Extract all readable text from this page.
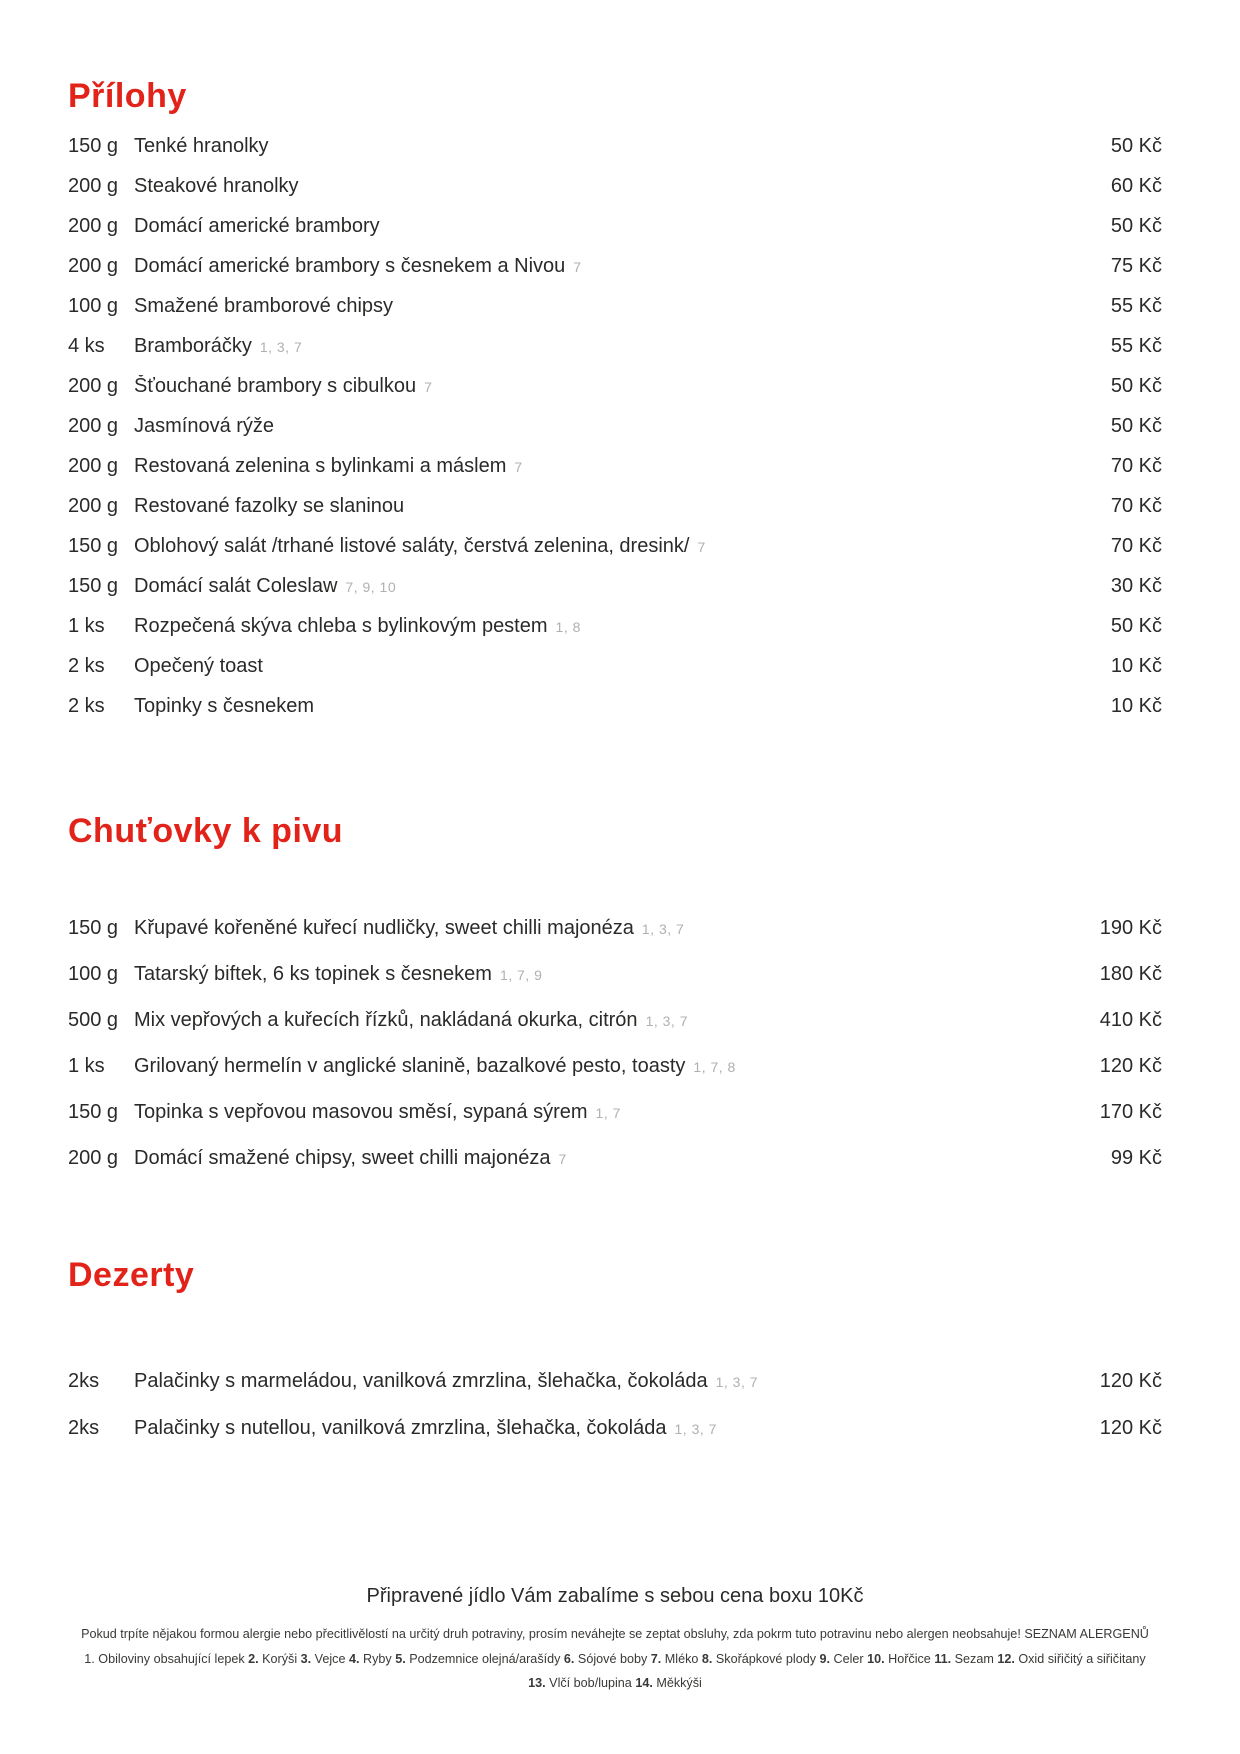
Přílohy
150 g Tenké hranolky	50 Kč
200 g Steakové hranolky	60 Kč
200 g Domácí americké brambory	50 Kč
200 g Domácí americké brambory s česnekem a Nivou 7	75 Kč
100 g Smažené bramborové chipsy	55 Kč
4 ks	Bramboráčky 1, 3, 7	55 Kč
200 g Šťouchané brambory s cibulkou 7	50 Kč
200 g Jasmínová rýže	50 Kč
200 g Restovaná zelenina s bylinkami a máslem 7	70 Kč
200 g Restované fazolky se slaninou	70 Kč
150 g Oblohový salát /trhané listové saláty, čerstvá zelenina, dresink/ 7	70 Kč
150 g Domácí salát Coleslaw 7, 9, 10	30 Kč
1 ks	Rozpečená skýva chleba s bylinkovým pestem 1, 8	50 Kč
2 ks	Opečený toast	10 Kč
2 ks	Topinky s česnekem	10 Kč
Chuťovky k pivu
150 g Křupavé kořeněné kuřecí nudličky, sweet chilli majonéza 1, 3, 7	190 Kč
100 g Tatarský biftek, 6 ks topinek s česnekem 1, 7, 9	180 Kč
500 g Mix vepřových a kuřecích řízků, nakládaná okurka, citrón 1, 3, 7	410 Kč
1 ks	Grilovaný hermelín v anglické slanině, bazalkové pesto, toasty 1, 7, 8	120 Kč
150 g Topinka s vepřovou masovou směsí, sypaná sýrem 1, 7	170 Kč
200 g Domácí smažené chipsy, sweet chilli majonéza 7	99 Kč
Dezerty
2ks	Palačinky s marmeládou, vanilková zmrzlina, šlehačka, čokoláda 1, 3, 7	120 Kč
2ks	Palačinky s nutellou, vanilková zmrzlina, šlehačka, čokoláda 1, 3, 7	120 Kč

Připravené jídlo Vám zabalíme s sebou cena boxu 10Kč

Pokud trpíte nějakou formou alergie nebo přecitlivělostí na určitý druh potraviny, prosím neváhejte se zeptat obsluhy, zda pokrm tuto potravinu nebo alergen neobsahuje! SEZNAM ALERGENŮ 1. Obiloviny obsahující lepek 2. Korýši 3. Vejce 4. Ryby 5. Podzemnice olejná/arašídy 6. Sójové boby 7. Mléko 8. Skořápkové plody 9. Celer 10. Hořčice 11. Sezam 12. Oxid siřičitý a siřičitany 13. Vlčí bob/lupina 14. Měkkýši
